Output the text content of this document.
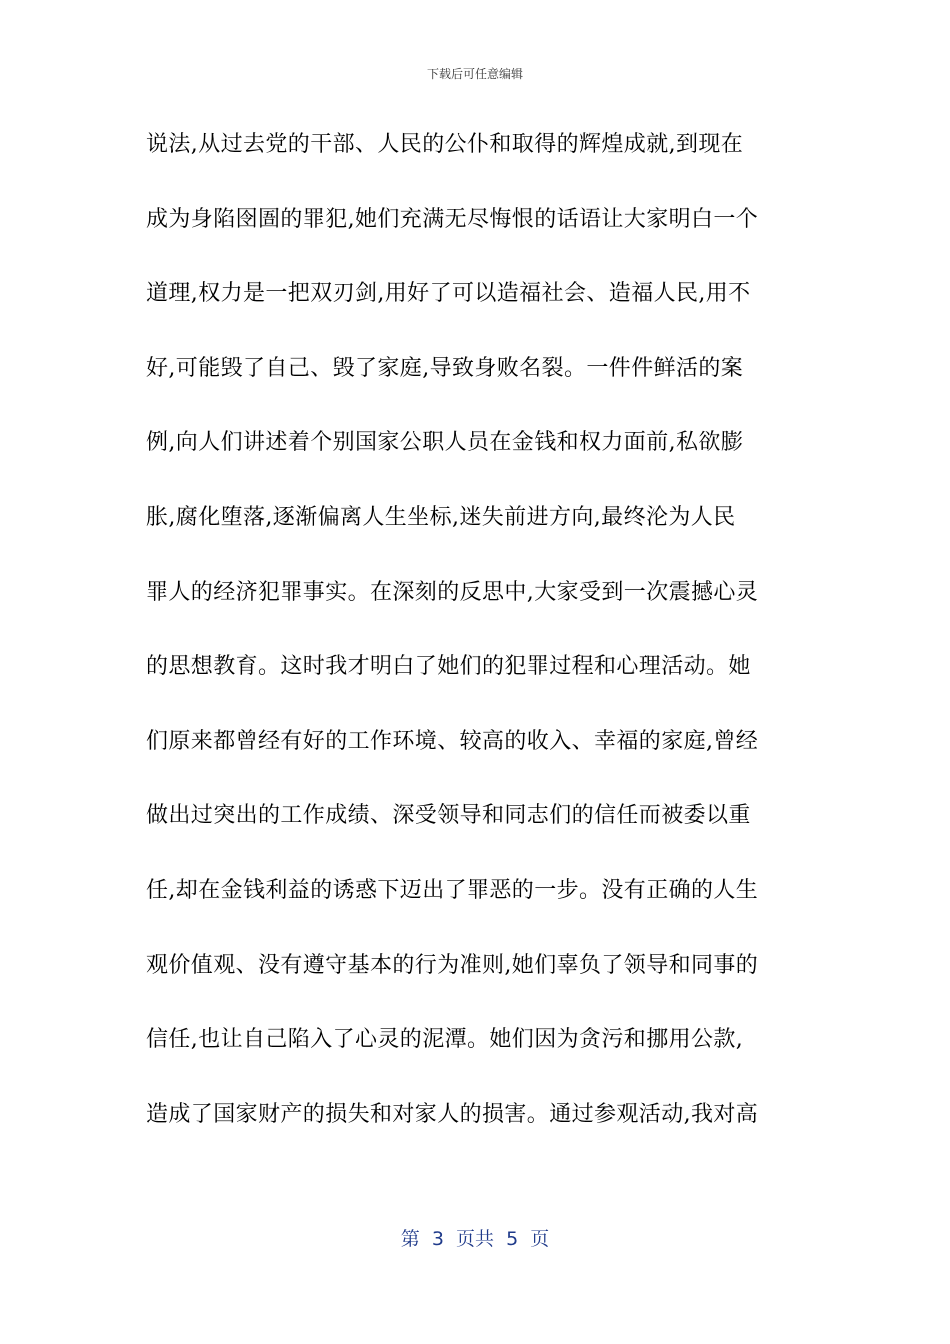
下载后可任意编辑
说法,从过去党的干部、人民的公仆和取得的辉煌成就,到现在
成为身陷囹圄的罪犯,她们充满无尽悔恨的话语让大家明白一个
道理,权力是一把双刃剑,用好了可以造福社会、造福人民,用不
好,可能毁了自己、毁了家庭,导致身败名裂。一件件鲜活的案
例,向人们讲述着个别国家公职人员在金钱和权力面前,私欲膨
胀,腐化堕落,逐渐偏离人生坐标,迷失前进方向,最终沦为人民
罪人的经济犯罪事实。在深刻的反思中,大家受到一次震撼心灵
的思想教育。这时我才明白了她们的犯罪过程和心理活动。她
们原来都曾经有好的工作环境、较高的收入、幸福的家庭,曾经
做出过突出的工作成绩、深受领导和同志们的信任而被委以重
任,却在金钱利益的诱惑下迈出了罪恶的一步。没有正确的人生
观价值观、没有遵守基本的行为准则,她们辜负了领导和同事的
信任,也让自己陷入了心灵的泥潭。她们因为贪污和挪用公款,
造成了国家财产的损失和对家人的损害。通过参观活动,我对高
第  3  页共  5  页
